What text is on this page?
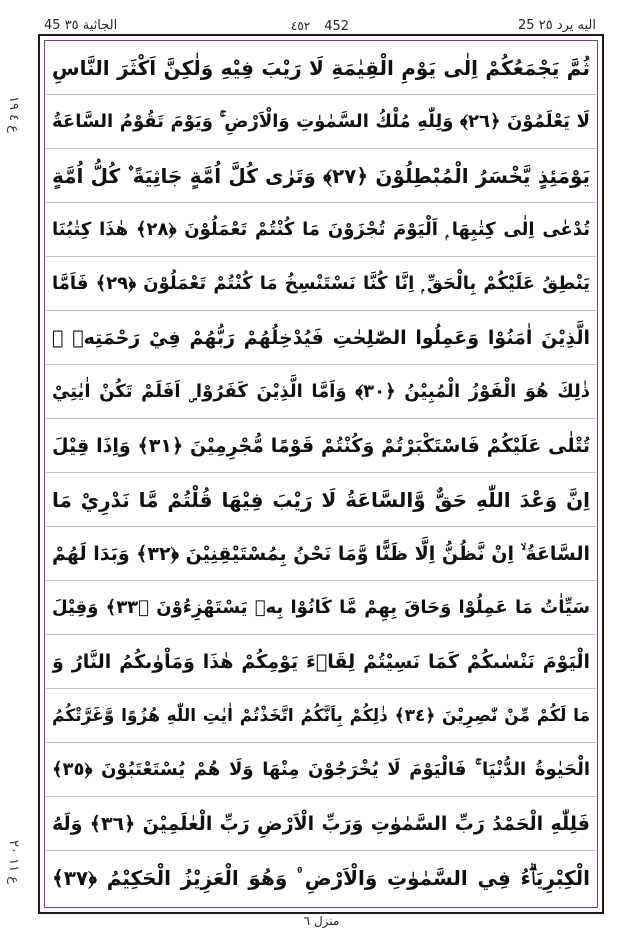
45 الجاثية ٣٥	٤٥٢ 452	25 اليه يرد ٢٥
ثُمَّ يَجْمَعُكُمْ اِلٰى يَوْمِ الْقِيٰمَةِ لَا رَيْبَ فِيْهِ وَلٰكِنَّ اَكْثَرَ النَّاسِ
لَا يَعْلَمُوْنَ ﴿٢٦﴾ وَلِلّٰهِ مُلْكُ السَّمٰوٰتِ وَالْاَرْضِ ۚ وَيَوْمَ تَقُوْمُ السَّاعَةُ
يَوْمَئِذٍ يَّخْسَرُ الْمُبْطِلُوْنَ ﴿٢٧﴾ وَتَرٰى كُلَّ اُمَّةٍ جَاثِيَةً ۫ كُلُّ اُمَّةٍ
تُدْعٰى اِلٰى كِتٰبِهَا ۭ اَلْيَوْمَ تُجْزَوْنَ مَا كُنْتُمْ تَعْمَلُوْنَ ﴿٢٨﴾ هٰذَا كِتٰبُنَا
يَنْطِقُ عَلَيْكُمْ بِالْحَقِّ ۭ اِنَّا كُنَّا نَسْتَنْسِخُ مَا كُنْتُمْ تَعْمَلُوْنَ ﴿٢٩﴾ فَاَمَّا
الَّذِيْنَ اٰمَنُوْا وَعَمِلُوا الصّٰلِحٰتِ فَيُدْخِلُهُمْ رَبُّهُمْ فِيْ رَحْمَتِهٖ ۭ
ذٰلِكَ هُوَ الْفَوْزُ الْمُبِيْنُ ﴿٣٠﴾ وَاَمَّا الَّذِيْنَ كَفَرُوْا ۣ اَفَلَمْ تَكُنْ اٰيٰتِيْ
تُتْلٰى عَلَيْكُمْ فَاسْتَكْبَرْتُمْ وَكُنْتُمْ قَوْمًا مُّجْرِمِيْنَ ﴿٣١﴾ وَاِذَا قِيْلَ
اِنَّ وَعْدَ اللّٰهِ حَقٌّ وَّالسَّاعَةُ لَا رَيْبَ فِيْهَا قُلْتُمْ مَّا نَدْرِيْ مَا
السَّاعَةُ ۙ اِنْ نَّظُنُّ اِلَّا ظَنًّا وَّمَا نَحْنُ بِمُسْتَيْقِنِيْنَ ﴿٣٢﴾ وَبَدَا لَهُمْ
سَيِّاٰتُ مَا عَمِلُوْا وَحَاقَ بِهِمْ مَّا كَانُوْا بِهٖ يَسْتَهْزِءُوْنَ ﴿٣٣﴾ وَقِيْلَ
الْيَوْمَ نَنْسٰىكُمْ كَمَا نَسِيْتُمْ لِقَاۗءَ يَوْمِكُمْ هٰذَا وَمَاْوٰىكُمُ النَّارُ وَ
مَا لَكُمْ مِّنْ نّٰصِرِيْنَ ﴿٣٤﴾ ذٰلِكُمْ بِاَنَّكُمُ اتَّخَذْتُمْ اٰيٰتِ اللّٰهِ هُزُوًا وَّغَرَّتْكُمُ
الْحَيٰوةُ الدُّنْيَا ۚ فَالْيَوْمَ لَا يُخْرَجُوْنَ مِنْهَا وَلَا هُمْ يُسْتَعْتَبُوْنَ ﴿٣٥﴾
فَلِلّٰهِ الْحَمْدُ رَبِّ السَّمٰوٰتِ وَرَبِّ الْاَرْضِ رَبِّ الْعٰلَمِيْنَ ﴿٣٦﴾ وَلَهُ
الْكِبْرِيَاۗءُ فِي السَّمٰوٰتِ وَالْاَرْضِ ۠ وَهُوَ الْعَزِيْزُ الْحَكِيْمُ ﴿٣٧﴾
ع ٤ ١٩
ع ١١ ٢٠
منزل ٦
